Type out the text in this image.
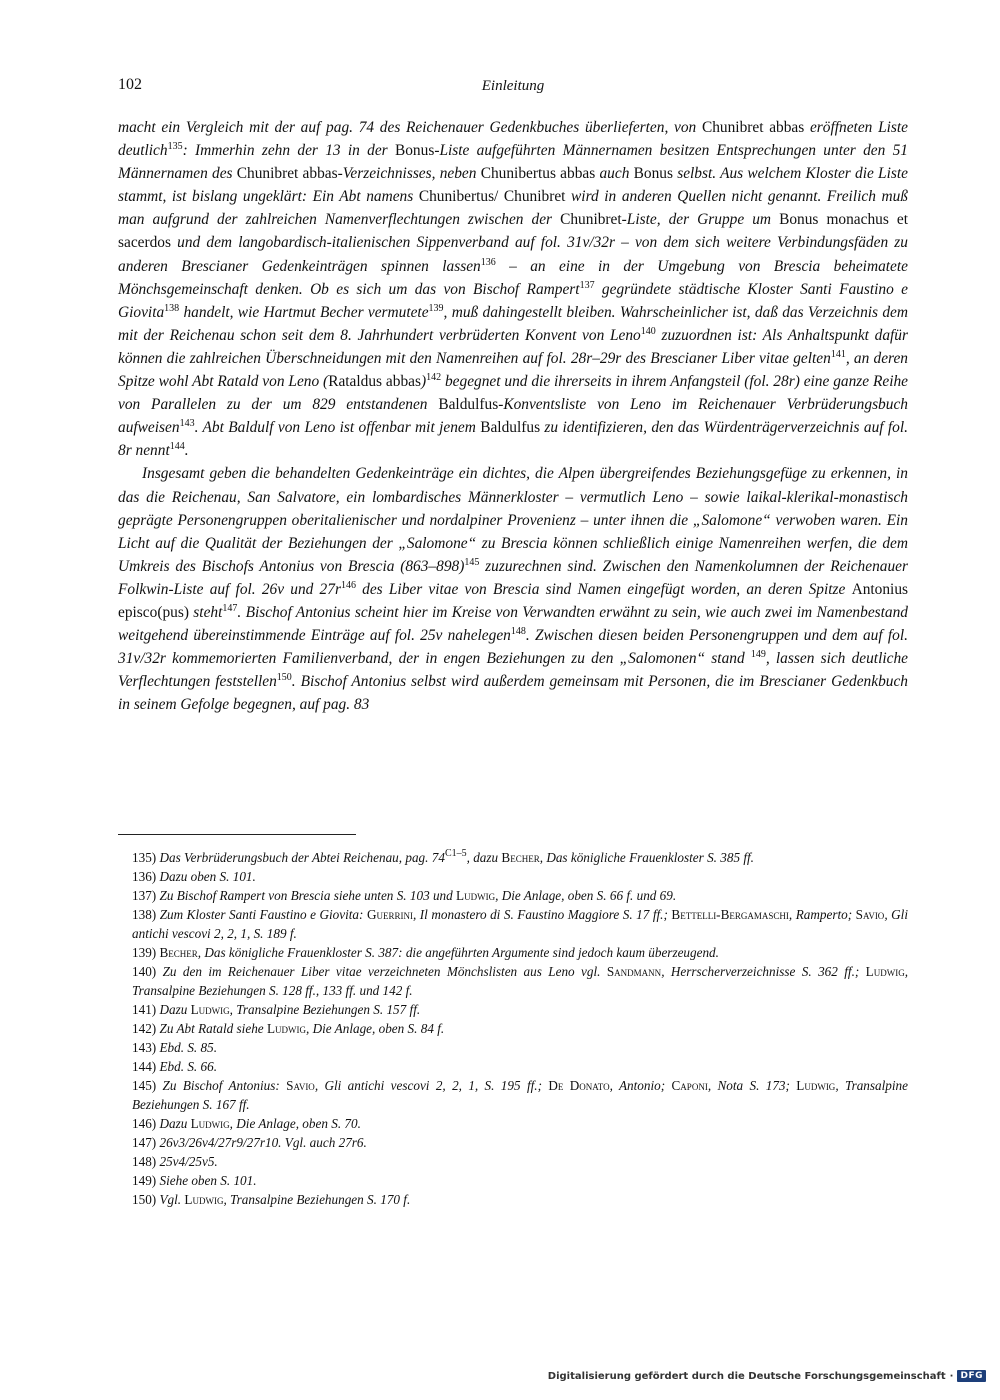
102	Einleitung

macht ein Vergleich mit der auf pag. 74 des Reichenauer Gedenkbuches überlieferten, von Chunibret abbas eröffneten Liste deutlich$^{135}$: Immerhin zehn der 13 in der Bonus-Liste aufgeführten Männernamen besitzen Entsprechungen unter den 51 Männernamen des Chunibret abbas-Verzeichnisses, neben Chunibertus abbas auch Bonus selbst. Aus welchem Kloster die Liste stammt, ist bislang ungeklärt: Ein Abt namens Chunibertus/ Chunibret wird in anderen Quellen nicht genannt. Freilich muß man aufgrund der zahlreichen Namenverflechtungen zwischen der Chunibret-Liste, der Gruppe um Bonus monachus et sacerdos und dem langobardisch-italienischen Sippenverband auf fol. 31v/32r – von dem sich weitere Verbindungsfäden zu anderen Brescianer Gedenkeinträgen spinnen lassen$^{136}$ – an eine in der Umgebung von Brescia beheimatete Mönchsgemeinschaft denken. Ob es sich um das von Bischof Rampert$^{137}$ gegründete städtische Kloster Santi Faustino e Giovita$^{138}$ handelt, wie Hartmut Becher vermutete$^{139}$, muß dahingestellt bleiben. Wahrscheinlicher ist, daß das Verzeichnis dem mit der Reichenau schon seit dem 8. Jahrhundert verbrüderten Konvent von Leno$^{140}$ zuzuordnen ist: Als Anhaltspunkt dafür können die zahlreichen Überschneidungen mit den Namenreihen auf fol. 28r–29r des Brescianer Liber vitae gelten$^{141}$, an deren Spitze wohl Abt Ratald von Leno (Rataldus abbas)$^{142}$ begegnet und die ihrerseits in ihrem Anfangsteil (fol. 28r) eine ganze Reihe von Parallelen zu der um 829 entstandenen Baldulfus-Konventsliste von Leno im Reichenauer Verbrüderungsbuch aufweisen$^{143}$. Abt Baldulf von Leno ist offenbar mit jenem Baldulfus zu identifizieren, den das Würdenträgerverzeichnis auf fol. 8r nennt$^{144}$.

Insgesamt geben die behandelten Gedenkeinträge ein dichtes, die Alpen übergreifendes Beziehungsgefüge zu erkennen, in das die Reichenau, San Salvatore, ein lombardisches Männerkloster – vermutlich Leno – sowie laikal-klerikal-monastisch geprägte Personengruppen oberitalienischer und nordalpiner Provenienz – unter ihnen die „Salomone“ verwoben waren. Ein Licht auf die Qualität der Beziehungen der „Salomone“ zu Brescia können schließlich einige Namenreihen werfen, die dem Umkreis des Bischofs Antonius von Brescia $(863-898)^{145}$ zuzurechnen sind. Zwischen den Namenkolumnen der Reichenauer Folkwin-Liste auf fol. 26v und $27r^{146}$ des Liber vitae von Brescia sind Namen eingefügt worden, an deren Spitze Antonius episco(pus) steht$^{147}$. Bischof Antonius scheint hier im Kreise von Verwandten erwähnt zu sein, wie auch zwei im Namenbestand weitgehend übereinstimmende Einträge auf fol. 25v nahelegen$^{148}$. Zwischen diesen beiden Personengruppen und dem auf fol. 31v/32r kommemorierten Familienverband, der in engen Beziehungen zu den „Salomonen“ stand $^{149}$, lassen sich deutliche Verflechtungen feststellen$^{150}$. Bischof Antonius selbst wird außerdem gemeinsam mit Personen, die im Brescianer Gedenkbuch in seinem Gefolge begegnen, auf pag. 83

135) Das Verbrüderungsbuch der Abtei Reichenau, pag. $74^{C1-5}$, dazu Becher, Das königliche Frauenkloster S. 385 ff.

136) Dazu oben S. 101.

137) Zu Bischof Rampert von Brescia siehe unten S. 103 und Ludwig, Die Anlage, oben S. 66 f. und 69.

138) Zum Kloster Santi Faustino e Giovita: Guerrini, Il monastero di S. Faustino Maggiore S. 17 ff.; Bettelli-Bergamaschi, Ramperto; Savio, Gli antichi vescovi 2, 2, 1, S. 189 f.

139) Becher, Das königliche Frauenkloster S. 387: die angeführten Argumente sind jedoch kaum überzeugend.

140) Zu den im Reichenauer Liber vitae verzeichneten Mönchslisten aus Leno vgl. Sandmann, Herrscherverzeichnisse S. 362 ff.; Ludwig, Transalpine Beziehungen S. 128 ff., 133 ff. und 142 f.

141) Dazu Ludwig, Transalpine Beziehungen S. 157 ff.

142) Zu Abt Ratald siehe Ludwig, Die Anlage, oben S. 84 f.

143) Ebd. S. 85.

144) Ebd. S. 66.

145) Zu Bischof Antonius: Savio, Gli antichi vescovi 2, 2, 1, S. 195 ff.; De Donato, Antonio; Caponi, Nota S. 173; Ludwig, Transalpine Beziehungen S. 167 ff.

146) Dazu Ludwig, Die Anlage, oben S. 70.

147) 26v3/26v4/27r9/27r10. Vgl. auch 27r6.

148) 25v4/25v5.

149) Siehe oben S. 101.

150) Vgl. Ludwig, Transalpine Beziehungen S. 170 f.

Digitalisierung gefördert durch die Deutsche Forschungsgemeinschaft · DFG
